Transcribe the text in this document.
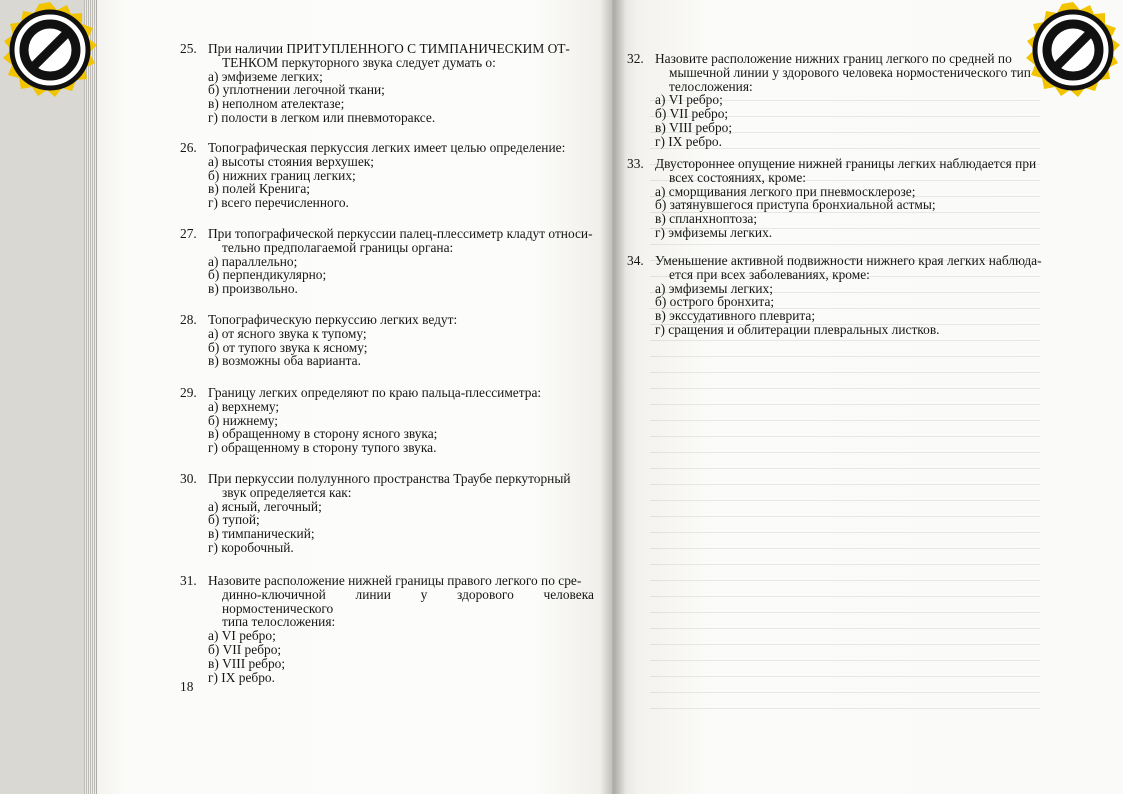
25. При наличии ПРИТУПЛЕННОГО С ТИМПАНИЧЕСКИМ ОТ-
ТЕНКОМ перкуторного звука следует думать о:
а) эмфиземе легких;
б) уплотнении легочной ткани;
в) неполном ателектазе;
г) полости в легком или пневмотораксе.
26. Топографическая перкуссия легких имеет целью определение:
а) высоты стояния верхушек;
б) нижних границ легких;
в) полей Кренига;
г) всего перечисленного.
27. При топографической перкуссии палец-плессиметр кладут относи-
тельно предполагаемой границы органа:
а) параллельно;
б) перпендикулярно;
в) произвольно.
28. Топографическую перкуссию легких ведут:
а) от ясного звука к тупому;
б) от тупого звука к ясному;
в) возможны оба варианта.
29. Границу легких определяют по краю пальца-плессиметра:
а) верхнему;
б) нижнему;
в) обращенному в сторону ясного звука;
г) обращенному в сторону тупого звука.
30. При перкуссии полулунного пространства Траубе перкуторный
звук определяется как:
а) ясный, легочный;
б) тупой;
в) тимпанический;
г) коробочный.
31. Назовите расположение нижней границы правого легкого по сре-
динно-ключичной линии у здорового человека нормостенического
типа телосложения:
а) VI ребро;
б) VII ребро;
в) VIII ребро;
г) IX ребро.
32. Назовите расположение нижних границ легкого по средней по
мышечной линии у здорового человека нормостенического тип
телосложения:
а) VI ребро;
б) VII ребро;
в) VIII ребро;
г) IX ребро.
33. Двустороннее опущение нижней границы легких наблюдается при
всех состояниях, кроме:
а) сморщивания легкого при пневмосклерозе;
б) затянувшегося приступа бронхиальной астмы;
в) спланхноптоза;
г) эмфиземы легких.
34. Уменьшение активной подвижности нижнего края легких наблюда-
ется при всех заболеваниях, кроме:
а) эмфиземы легких;
б) острого бронхита;
в) экссудативного плеврита;
г) сращения и облитерации плевральных листков.
18
